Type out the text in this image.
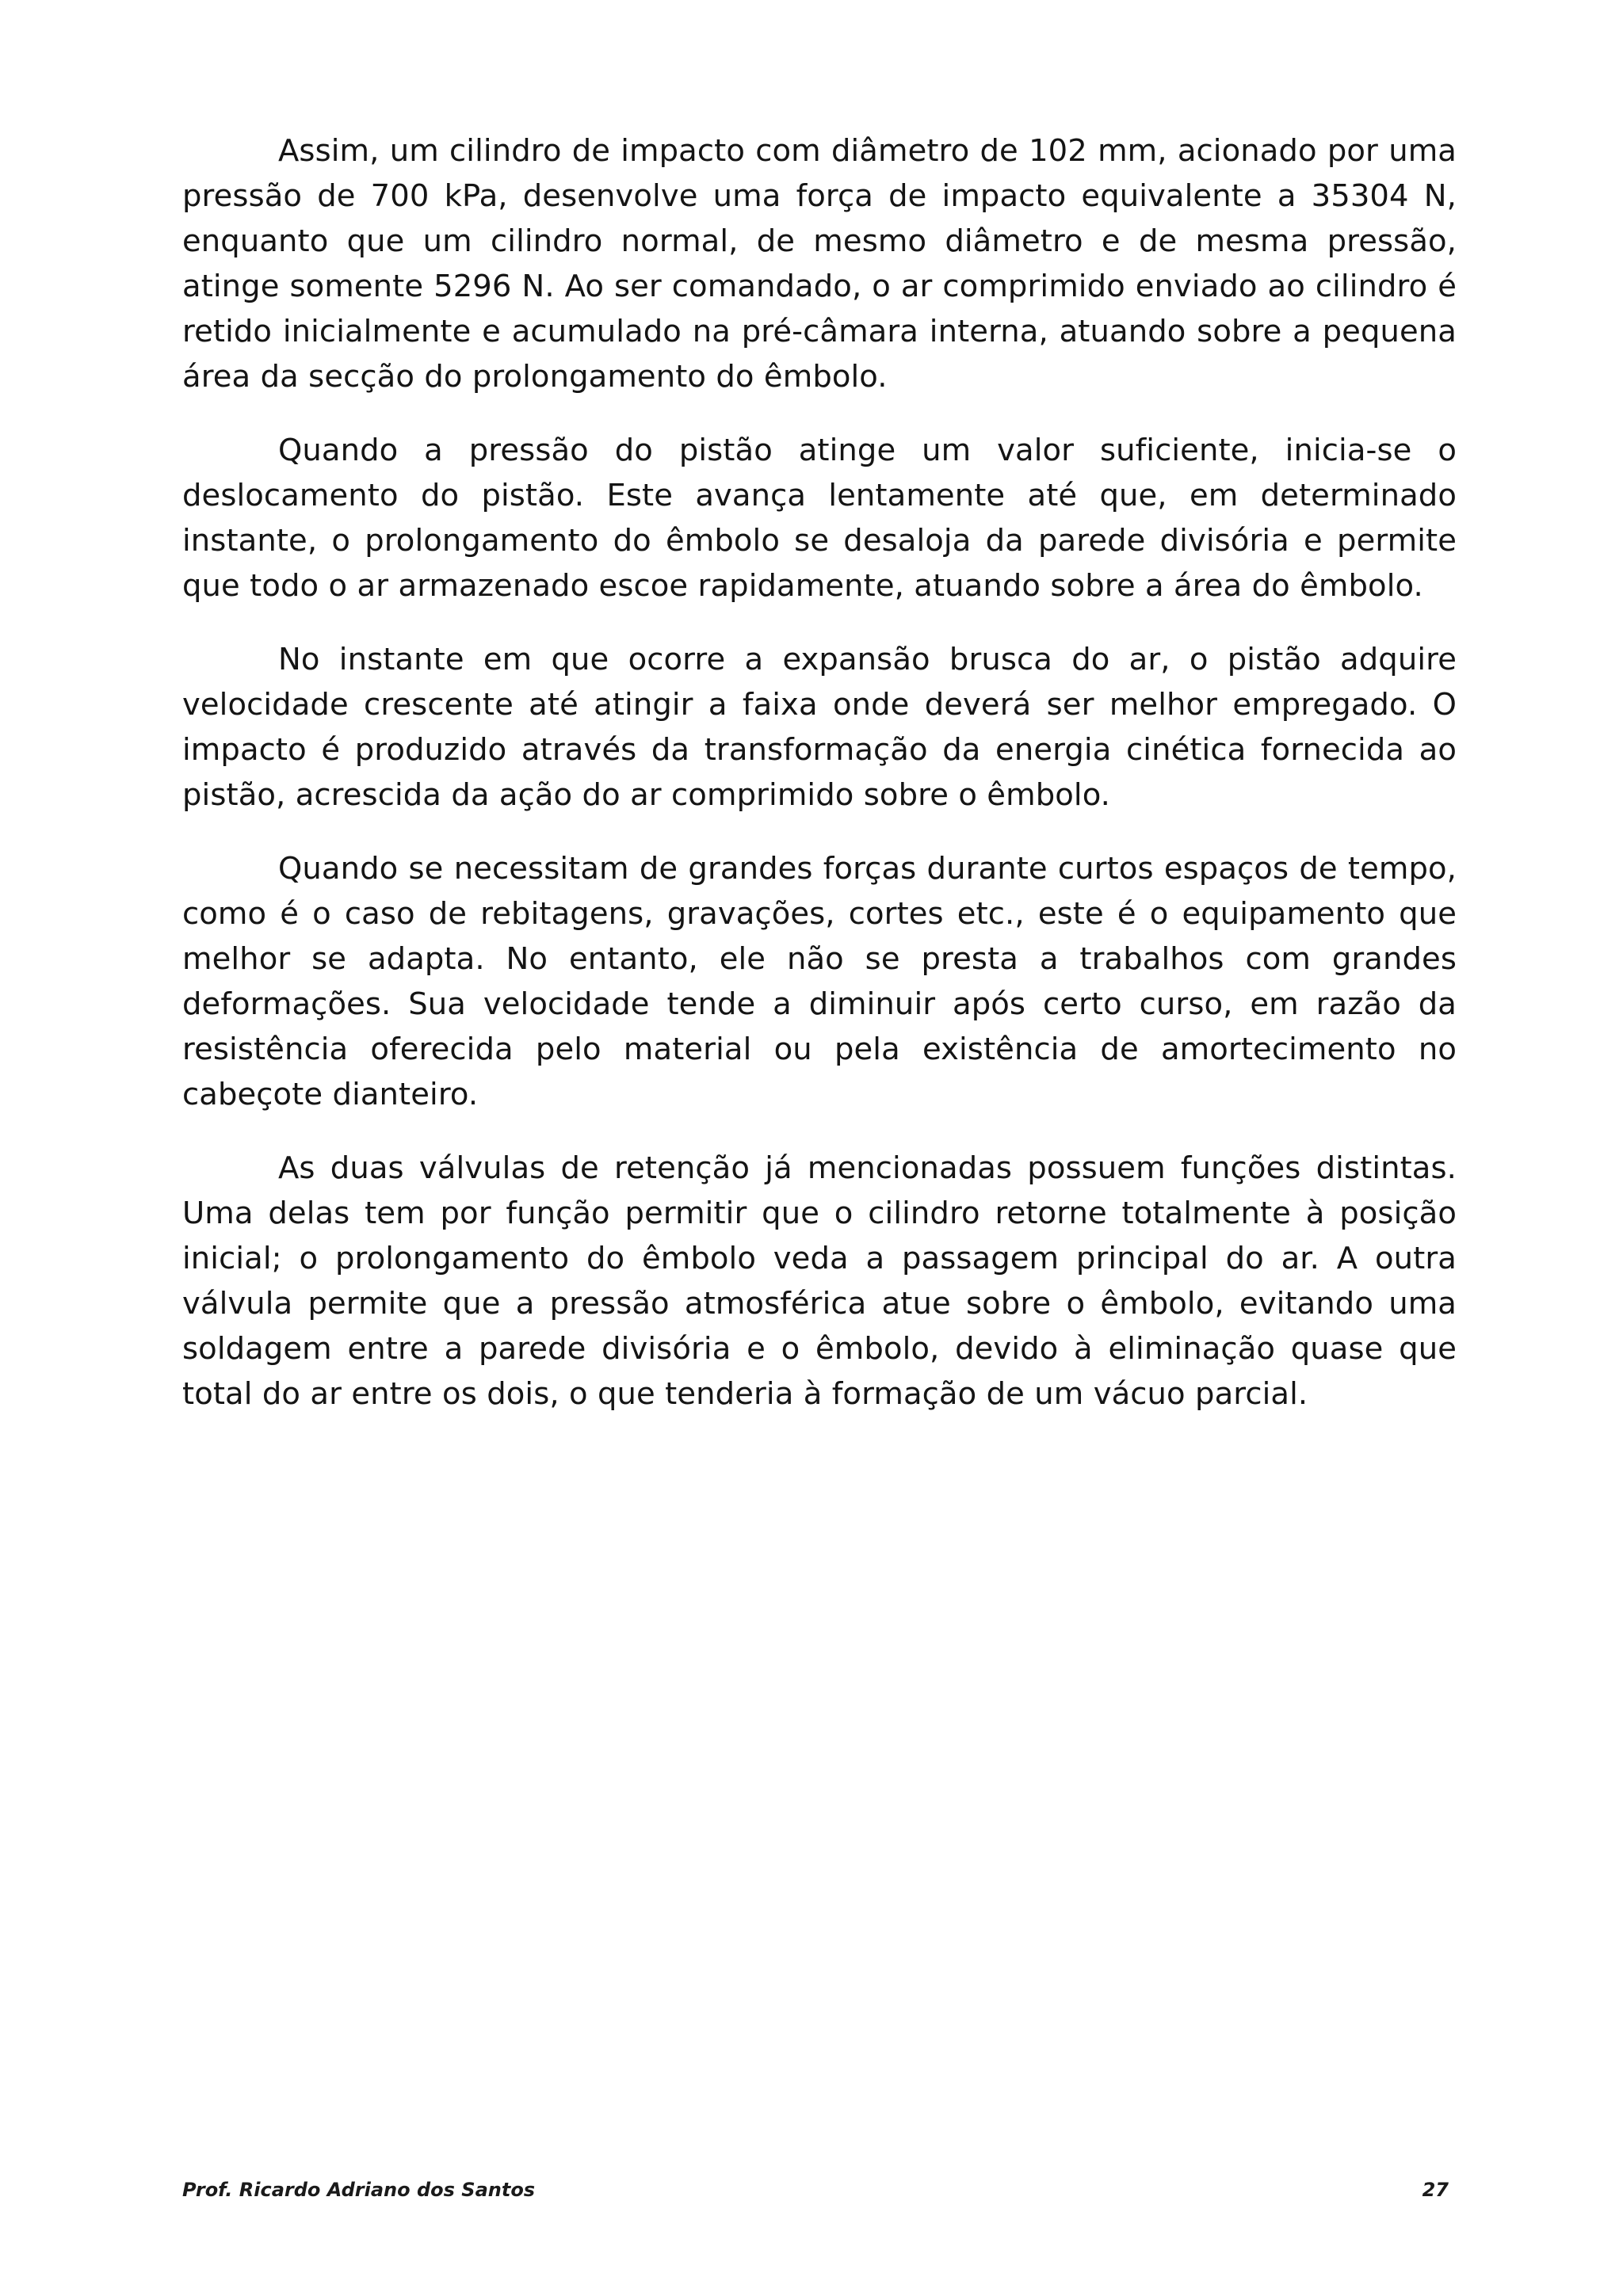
Assim, um cilindro de impacto com diâmetro de 102 mm, acionado por uma pressão de 700 kPa, desenvolve uma força de impacto equivalente a 35304 N, enquanto que um cilindro normal, de mesmo diâmetro e de mesma pressão, atinge somente 5296 N. Ao ser comandado, o ar comprimido enviado ao cilindro é retido inicialmente e acumulado na pré-câmara interna, atuando sobre a pequena área da secção do prolongamento do êmbolo.

Quando a pressão do pistão atinge um valor suficiente, inicia-se o deslocamento do pistão. Este avança lentamente até que, em determinado instante, o prolongamento do êmbolo se desaloja da parede divisória e permite que todo o ar armazenado escoe rapidamente, atuando sobre a área do êmbolo.

No instante em que ocorre a expansão brusca do ar, o pistão adquire velocidade crescente até atingir a faixa onde deverá ser melhor empregado. O impacto é produzido através da transformação da energia cinética fornecida ao pistão, acrescida da ação do ar comprimido sobre o êmbolo.

Quando se necessitam de grandes forças durante curtos espaços de tempo, como é o caso de rebitagens, gravações, cortes etc., este é o equipamento que melhor se adapta. No entanto, ele não se presta a trabalhos com grandes deformações. Sua velocidade tende a diminuir após certo curso, em razão da resistência oferecida pelo material ou pela existência de amortecimento no cabeçote dianteiro.

As duas válvulas de retenção já mencionadas possuem funções distintas. Uma delas tem por função permitir que o cilindro retorne totalmente à posição inicial; o prolongamento do êmbolo veda a passagem principal do ar. A outra válvula permite que a pressão atmosférica atue sobre o êmbolo, evitando uma soldagem entre a parede divisória e o êmbolo, devido à eliminação quase que total do ar entre os dois, o que tenderia à formação de um vácuo parcial.

Prof. Ricardo Adriano dos Santos	27
